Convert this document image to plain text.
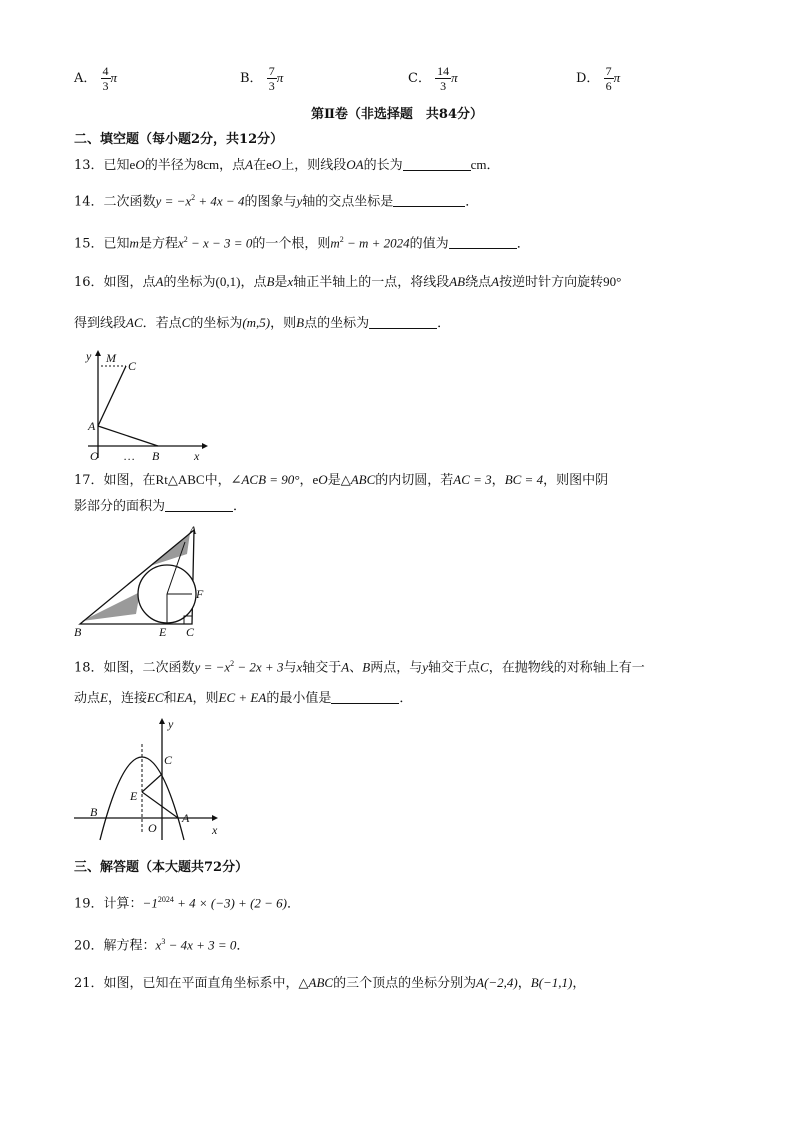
A． $\frac{4}{3}$ π	B． $\frac{7}{3}$ π	C． $\frac{14}{3}$ π	D． $\frac{7}{6}$ π
第Ⅱ卷（非选择题　共84分）
二、填空题（每小题2分，共12分）
13．已知eO的半径为8cm，点A在eO上，则线段OA的长为	cm．
14．二次函数$y = -x^2 + 4x - 4$的图象与y轴的交点坐标是	．
15．已知m是方程$x^2 - x - 3 = 0$的一个根，则$m^2 - m + 2024$的值为	．
16．如图，点A的坐标为(0,1)，点B是x轴正半轴上的一点，将线段AB绕点A按逆时针方向旋转90°
得到线段AC．若点C的坐标为(m,5)，则B点的坐标为	．
y M
C
A
O … B	x
17．如图，在Rt△ABC中，∠ACB = 90°，eO是△ABC的内切圆，若AC = 3，BC = 4，则图中阴
影部分的面积为	．
A
F
B	E C
18．如图，二次函数$y = -x^2 - 2x + 3$与x轴交于A、B两点，与y轴交于点C，在抛物线的对称轴上有一
动点E，连接EC和EA，则EC + EA的最小值是	．
y
C
E
B
O
A
x
三、解答题（本大题共72分）
19．计算：$-1^{2024} + 4 \times (-3) + (2 - 6)$．
20．解方程：$x^3 - 4x + 3 = 0$．
21．如图，已知在平面直角坐标系中，△ABC的三个顶点的坐标分别为A(−2,4)，B(−1,1)，
